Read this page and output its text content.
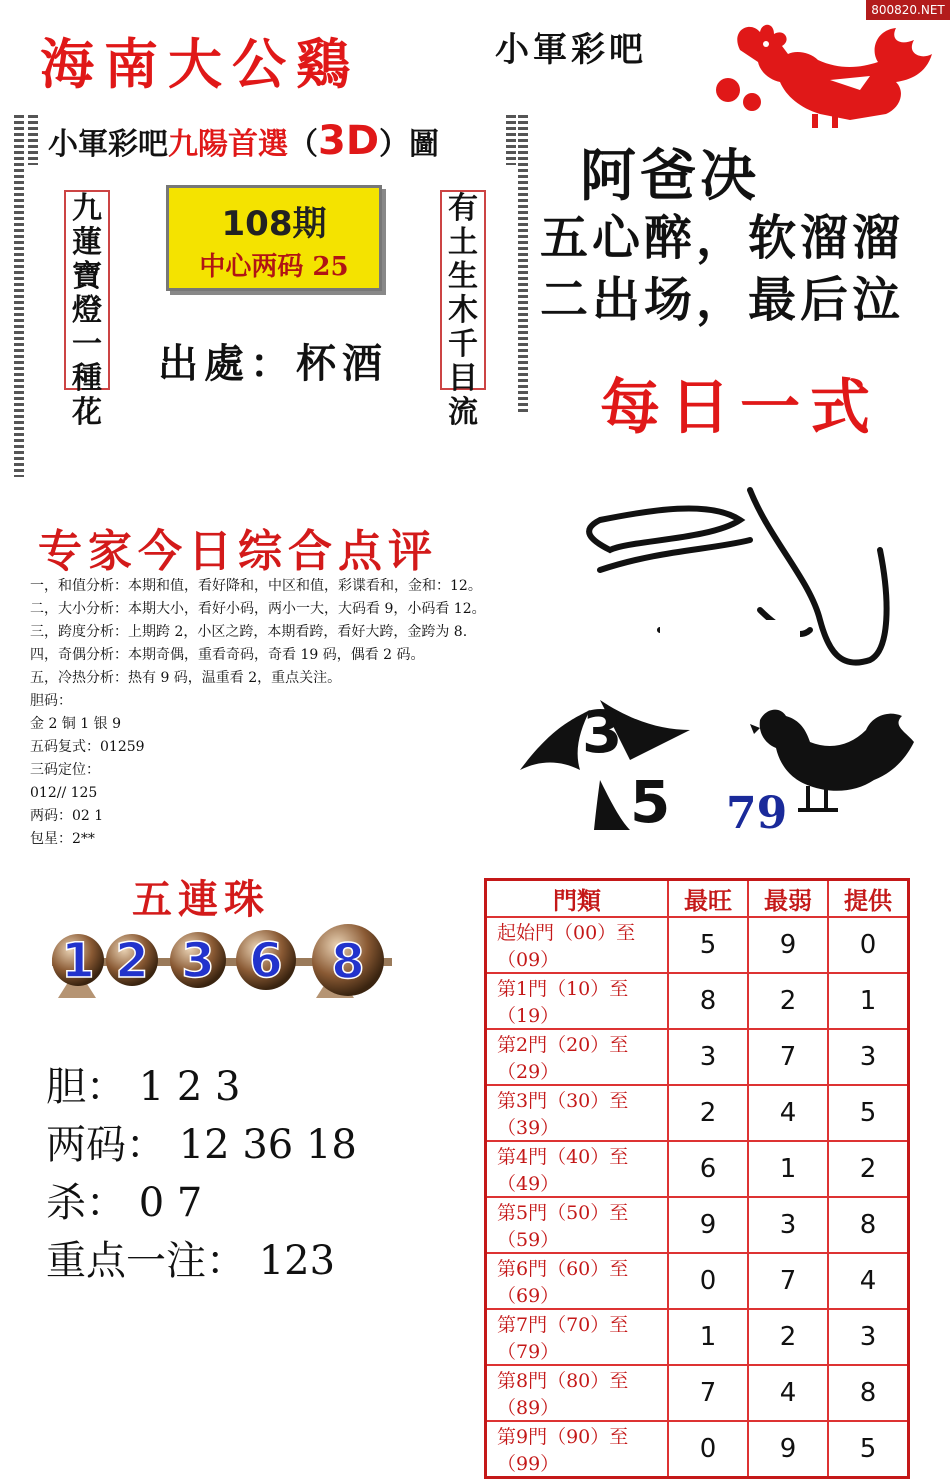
800820.NET
海南大公鷄	小軍彩吧
小軍彩吧九陽首選（3D）圖
九蓮寶燈一種花
有土生木千目流
108期
中心两码 25
出處：杯酒
阿爸决
五心醉，软溜溜
二出场，最后泣
每日一式
专家今日综合点评
一，和值分析：本期和值，看好降和，中区和值，彩谍看和，金和：12。
二，大小分析：本期大小，看好小码，两小一大，大码看 9，小码看 12。
三，跨度分析：上期跨 2，小区之跨，本期看跨，看好大跨，金跨为 8.
四，奇偶分析：本期奇偶，重看奇码，奇看 19 码，偶看 2 码。
五，冷热分析：热有 9 码，温重看 2，重点关注。
胆码：
金 2 铜 1 银 9
五码复式：01259
三码定位：
012// 125
两码：02 1
包星：2**
3
5 79
五連珠
1 2 3 6 8
胆： 1 2 3
两码： 12 36 18
杀： 0 7
重点一注： 123
門類	最旺	最弱	提供
起始門（00）至（09）	5	9	0
第1門（10）至（19）	8	2	1
第2門（20）至（29）	3	7	3
第3門（30）至（39）	2	4	5
第4門（40）至（49）	6	1	2
第5門（50）至（59）	9	3	8
第6門（60）至（69）	0	7	4
第7門（70）至（79）	1	2	3
第8門（80）至（89）	7	4	8
第9門（90）至（99）	0	9	5
